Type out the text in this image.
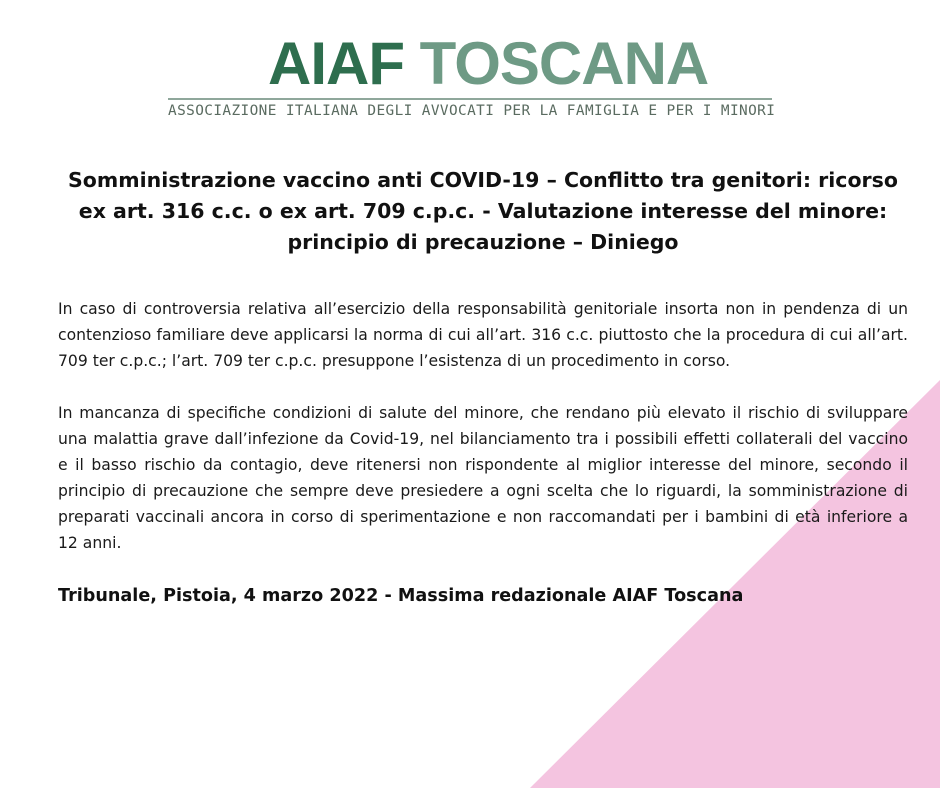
AIAF TOSCANA
ASSOCIAZIONE ITALIANA DEGLI AVVOCATI PER LA FAMIGLIA E PER I MINORI
Somministrazione vaccino anti COVID-19 – Conflitto tra genitori: ricorso ex art. 316 c.c. o ex art. 709 c.p.c. - Valutazione interesse del minore: principio di precauzione – Diniego

In caso di controversia relativa all’esercizio della responsabilità genitoriale insorta non in pendenza di un contenzioso familiare deve applicarsi la norma di cui all’art. 316 c.c. piuttosto che la procedura di cui all’art. 709 ter c.p.c.; l’art. 709 ter c.p.c. presuppone l’esistenza di un procedimento in corso.

In mancanza di specifiche condizioni di salute del minore, che rendano più elevato il rischio di sviluppare una malattia grave dall’infezione da Covid-19, nel bilanciamento tra i possibili effetti collaterali del vaccino e il basso rischio da contagio, deve ritenersi non rispondente al miglior interesse del minore, secondo il principio di precauzione che sempre deve presiedere a ogni scelta che lo riguardi, la somministrazione di preparati vaccinali ancora in corso di sperimentazione e non raccomandati per i bambini di età inferiore a 12 anni.

Tribunale, Pistoia, 4 marzo 2022 - Massima redazionale AIAF Toscana
